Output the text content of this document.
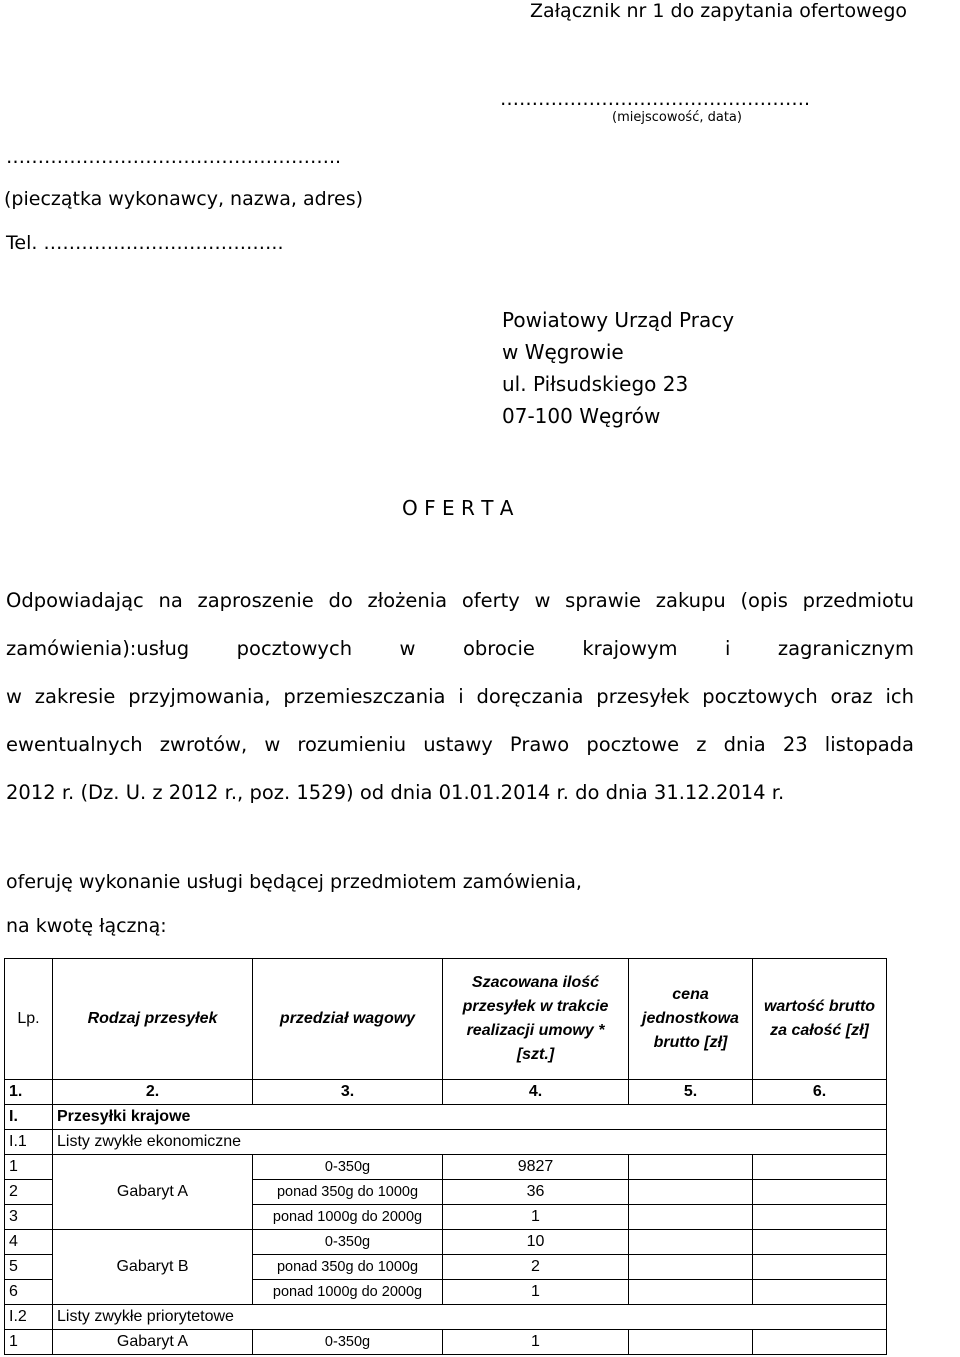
Załącznik nr 1 do zapytania ofertowego
………………………………………….
(miejscowość, data)
……………………………………………..
(pieczątka wykonawcy, nazwa, adres)
Tel. ………………………………..
Powiatowy Urząd Pracy
w Węgrowie
ul. Piłsudskiego 23
07-100 Węgrów
O F E R T A
Odpowiadając na zaproszenie do złożenia oferty w sprawie zakupu (opis przedmiotu
zamówienia):usług pocztowych w obrocie krajowym i zagranicznym
w zakresie przyjmowania, przemieszczania i doręczania przesyłek pocztowych oraz ich
ewentualnych zwrotów, w rozumieniu ustawy Prawo pocztowe z dnia 23 listopada
2012 r. (Dz. U. z 2012 r., poz. 1529) od dnia 01.01.2014 r. do dnia 31.12.2014 r.
oferuję wykonanie usługi będącej przedmiotem zamówienia,
na kwotę łączną:
Lp.	Rodzaj przesyłek	przedział wagowy	Szacowana ilość przesyłek w trakcie realizacji umowy * [szt.]	cena jednostkowa brutto [zł]	wartość brutto za całość [zł]
1.	2.	3.	4.	5.	6.
I.	Przesyłki krajowe				
I.1	Listy zwykłe ekonomiczne				
1	Gabaryt A	0-350g	9827		
2		ponad 350g do 1000g	36		
3		ponad 1000g do 2000g	1		
4	Gabaryt B	0-350g	10		
5		ponad 350g do 1000g	2		
6		ponad 1000g do 2000g	1		
I.2	Listy zwykłe priorytetowe				
1	Gabaryt A	0-350g	1		
